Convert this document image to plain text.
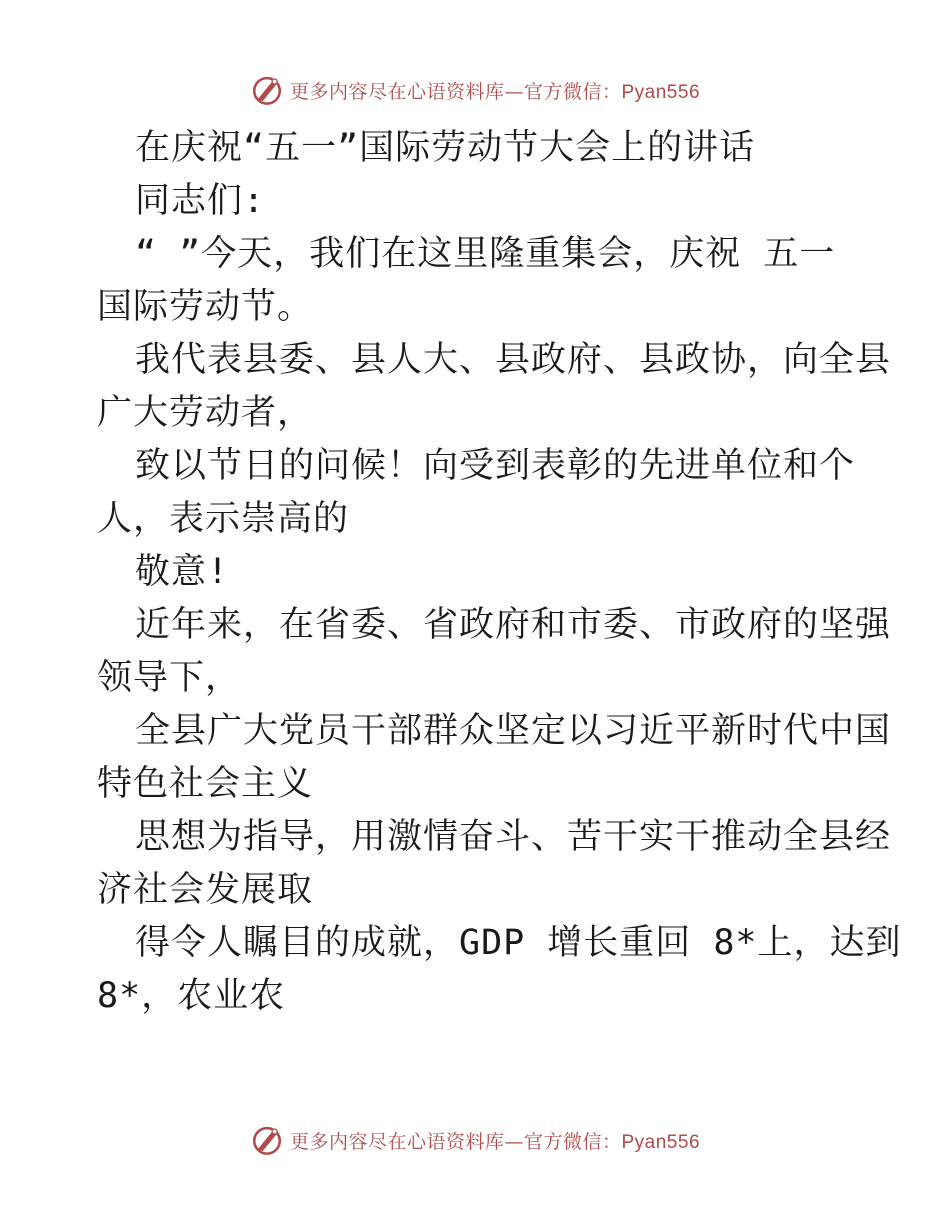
更多内容尽在心语资料库—官方微信：Pyan556
在庆祝“五一”国际劳动节大会上的讲话
同志们:
“ ”今天，我们在这里隆重集会，庆祝 五一
国际劳动节。
我代表县委、县人大、县政府、县政协，向全县
广大劳动者，
致以节日的问候！向受到表彰的先进单位和个
人，表示崇高的
敬意!
近年来，在省委、省政府和市委、市政府的坚强
领导下，
全县广大党员干部群众坚定以习近平新时代中国
特色社会主义
思想为指导，用激情奋斗、苦干实干推动全县经
济社会发展取
得令人瞩目的成就，GDP 增长重回 8*上，达到
8*，农业农
更多内容尽在心语资料库—官方微信：Pyan556
